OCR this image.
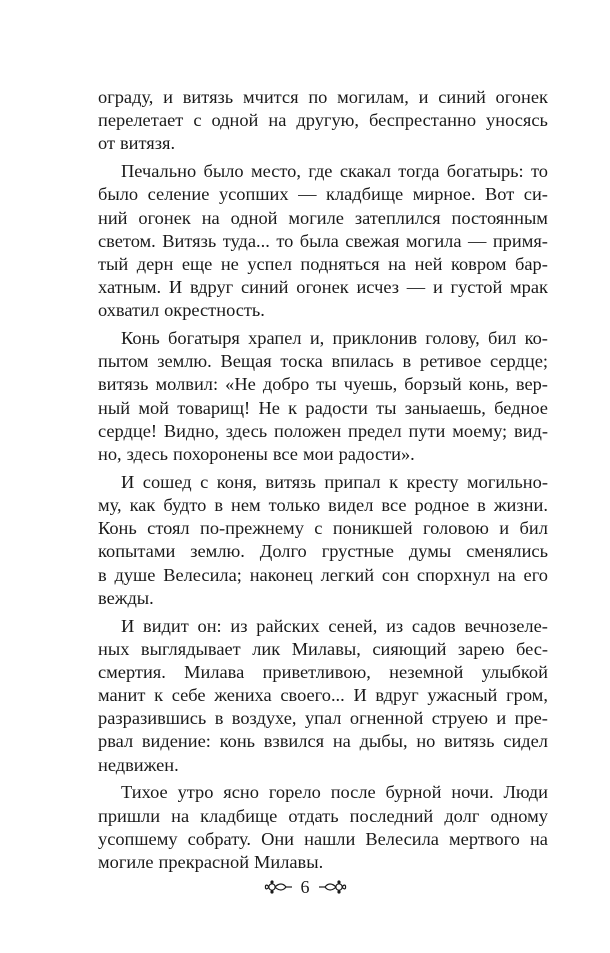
ограду, и витязь мчится по могилам, и синий огонек
перелетает с одной на другую, беспрестанно уносясь
от витязя.
Печально было место, где скакал тогда богатырь: то
было селение усопших — кладбище мирное. Вот си-
ний огонек на одной могиле затеплился постоянным
светом. Витязь туда... то была свежая могила — примя-
тый дерн еще не успел подняться на ней ковром бар-
хатным. И вдруг синий огонек исчез — и густой мрак
охватил окрестность.
Конь богатыря храпел и, приклонив голову, бил ко-
пытом землю. Вещая тоска впилась в ретивое сердце;
витязь молвил: «Не добро ты чуешь, борзый конь, вер-
ный мой товарищ! Не к радости ты заныаешь, бедное
сердце! Видно, здесь положен предел пути моему; вид-
но, здесь похоронены все мои радости».
И сошед с коня, витязь припал к кресту могильно-
му, как будто в нем только видел все родное в жизни.
Конь стоял по-прежнему с поникшей головою и бил
копытами землю. Долго грустные думы сменялись
в душе Велесила; наконец легкий сон спорхнул на его
вежды.
И видит он: из райских сеней, из садов вечнозеле-
ных выглядывает лик Милавы, сияющий зарею бес-
смертия. Милава приветливою, неземной улыбкой
манит к себе жениха своего... И вдруг ужасный гром,
разразившись в воздухе, упал огненной струею и пре-
рвал видение: конь взвился на дыбы, но витязь сидел
недвижен.
Тихое утро ясно горело после бурной ночи. Люди
пришли на кладбище отдать последний долг одному
усопшему собрату. Они нашли Велесила мертвого на
могиле прекрасной Милавы.
6
